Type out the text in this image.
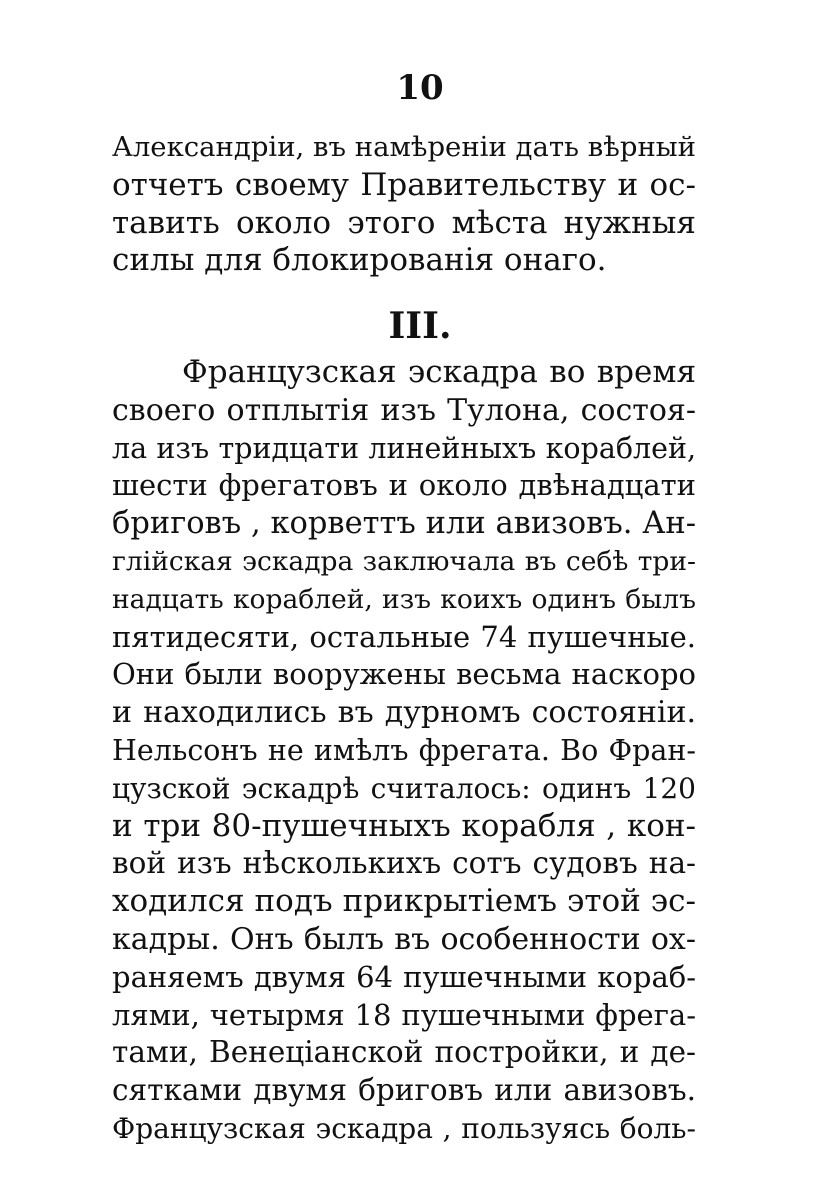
10
Александріи, въ намѣреніи дать вѣрный
отчетъ своему Правительству и ос-
тавить около этого мѣста нужныя
силы для блокированія онаго.
III.
Французская эскадра во время
своего отплытія изъ Тулона, состоя-
ла изъ тридцати линейныхъ кораблей,
шести фрегатовъ и около двѣнадцати
бриговъ , корветтъ или авизовъ. Ан-
глійская эскадра заключала въ себѣ три-
надцать кораблей, изъ коихъ одинъ былъ
пятидесяти, остальные 74 пушечные.
Они были вооружены весьма наскоро
и находились въ дурномъ состояніи.
Нельсонъ не имѣлъ фрегата. Во Фран-
цузской эскадрѣ считалось: одинъ 120
и три 80-пушечныхъ корабля , кон-
вой изъ нѣсколькихъ сотъ судовъ на-
ходился подъ прикрытіемъ этой эс-
кадры. Онъ былъ въ особенности ох-
раняемъ двумя 64 пушечными кораб-
лями, четырмя 18 пушечными фрега-
тами, Венеціанской постройки, и де-
сятками двумя бриговъ или авизовъ.
Французская эскадра , пользуясь боль-
